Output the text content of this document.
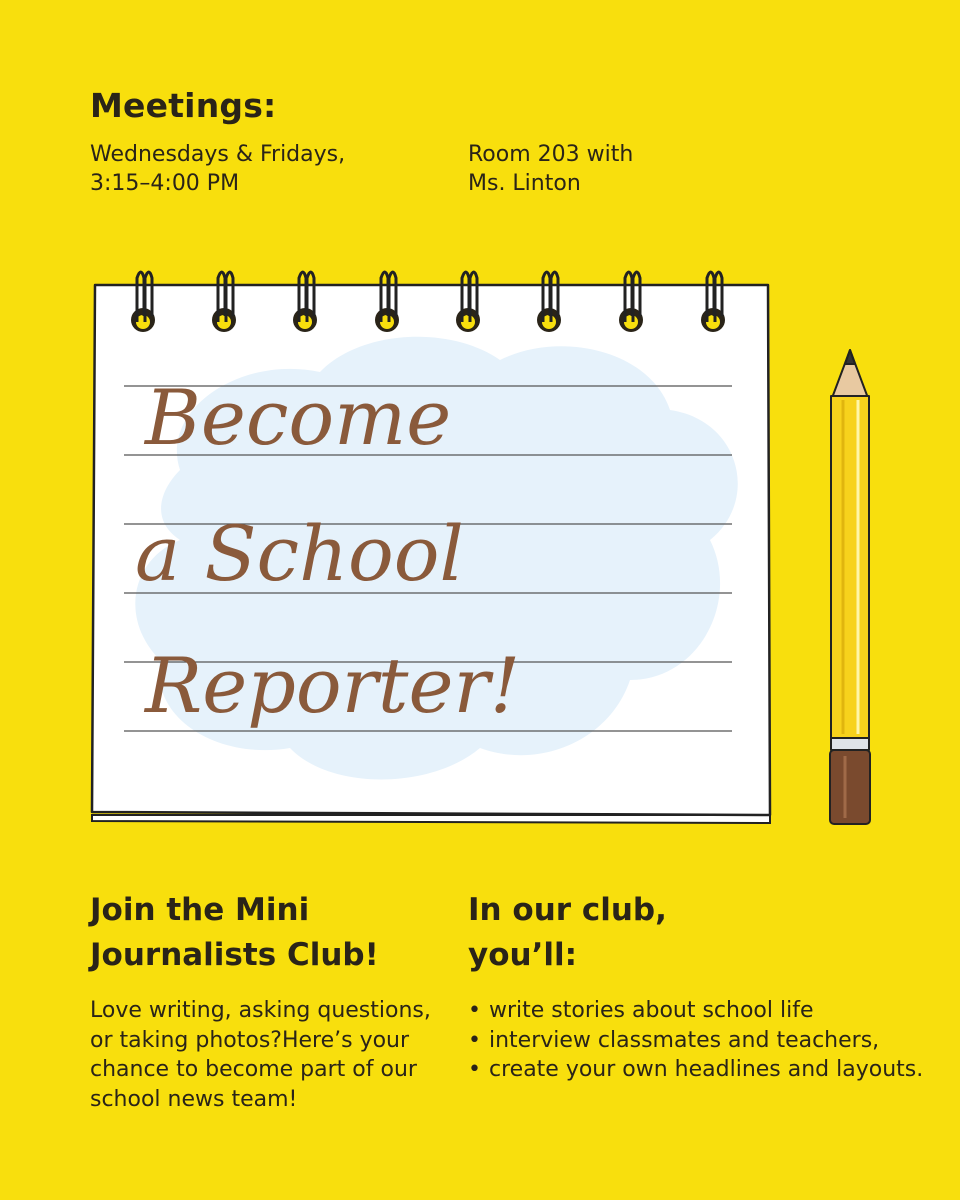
Meetings:
Wednesdays & Fridays,
3:15–4:00 PM
Room 203 with
Ms. Linton
Become
a School
Reporter!
Join the Mini
Journalists Club!
In our club,
you’ll:
Love writing, asking questions, or taking photos?Here’s your chance to become part of our school news team!
• write stories about school life
• interview classmates and teachers,
• create your own headlines and layouts.
